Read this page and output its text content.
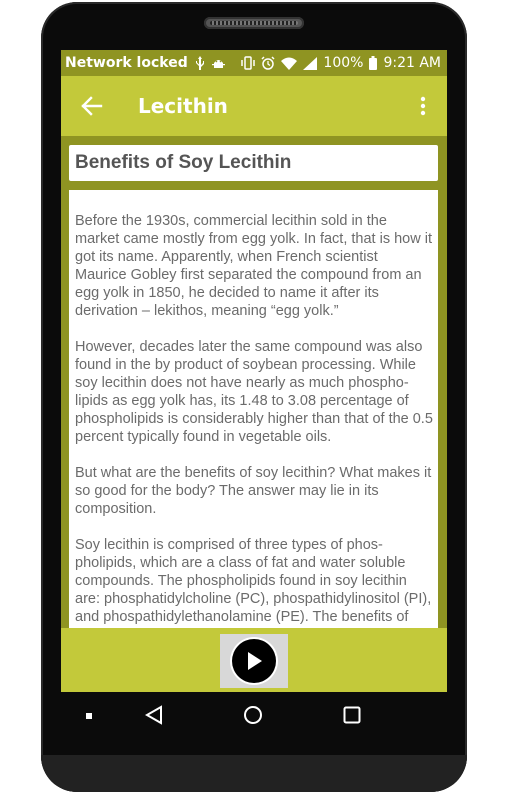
Network locked	100% 9:21 AM
Lecithin
Benefits of Soy Lecithin

Before the 1930s, commercial lecithin sold in the market came mostly from egg yolk. In fact, that is how it got its name. Apparently, when French scientist Maurice Gobley first separated the compound from an egg yolk in 1850, he decided to name it after its derivation – lekithos, meaning “egg yolk.”

However, decades later the same compound was also found in the by product of soybean processing. While soy lecithin does not have nearly as much phospho-lipids as egg yolk has, its 1.48 to 3.08 percentage of phospholipids is considerably higher than that of the 0.5 percent typically found in vegetable oils.

But what are the benefits of soy lecithin? What makes it so good for the body? The answer may lie in its composition.

Soy lecithin is comprised of three types of phos-pholipids, which are a class of fat and water soluble compounds. The phospholipids found in soy lecithin are: phosphatidylcholine (PC), phospathidylinositol (PI), and phospathidylethanolamine (PE). The benefits of
